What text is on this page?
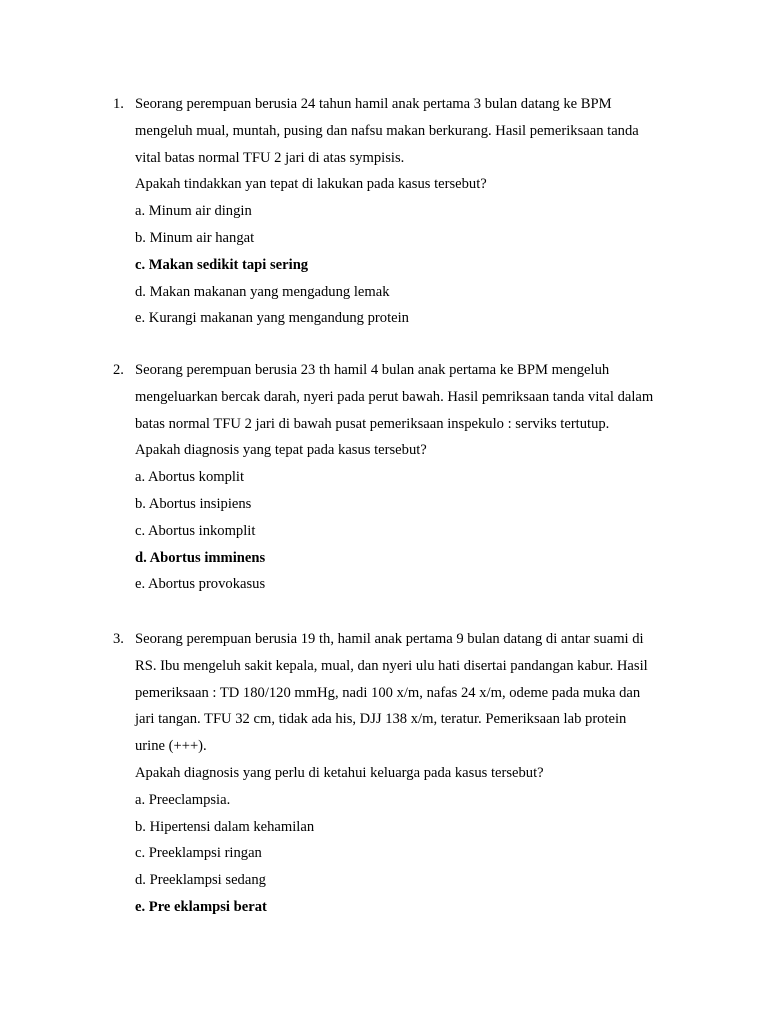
1. Seorang perempuan berusia 24 tahun hamil anak pertama 3 bulan datang ke BPM
mengeluh mual, muntah, pusing dan nafsu makan berkurang. Hasil pemeriksaan tanda
vital batas normal TFU 2 jari di atas sympisis.
Apakah tindakkan yan tepat di lakukan pada kasus tersebut?
a. Minum air dingin
b. Minum air hangat
c. Makan sedikit tapi sering
d. Makan makanan yang mengadung lemak
e. Kurangi makanan yang mengandung protein
2. Seorang perempuan berusia 23 th hamil 4 bulan anak pertama ke BPM mengeluh
mengeluarkan bercak darah, nyeri pada perut bawah. Hasil pemriksaan tanda vital dalam
batas normal TFU 2 jari di bawah pusat pemeriksaan inspekulo : serviks tertutup.
Apakah diagnosis yang tepat pada kasus tersebut?
a. Abortus komplit
b. Abortus insipiens
c. Abortus inkomplit
d. Abortus imminens
e. Abortus provokasus
3. Seorang perempuan berusia 19 th, hamil anak pertama 9 bulan datang di antar suami di
RS. Ibu mengeluh sakit kepala, mual, dan nyeri ulu hati disertai pandangan kabur. Hasil
pemeriksaan : TD 180/120 mmHg, nadi 100 x/m, nafas 24 x/m, odeme pada muka dan
jari tangan. TFU 32 cm, tidak ada his, DJJ 138 x/m, teratur. Pemeriksaan lab protein
urine (+++).
Apakah diagnosis yang perlu di ketahui keluarga pada kasus tersebut?
a. Preeclampsia.
b. Hipertensi dalam kehamilan
c. Preeklampsi ringan
d. Preeklampsi sedang
e. Pre eklampsi berat
